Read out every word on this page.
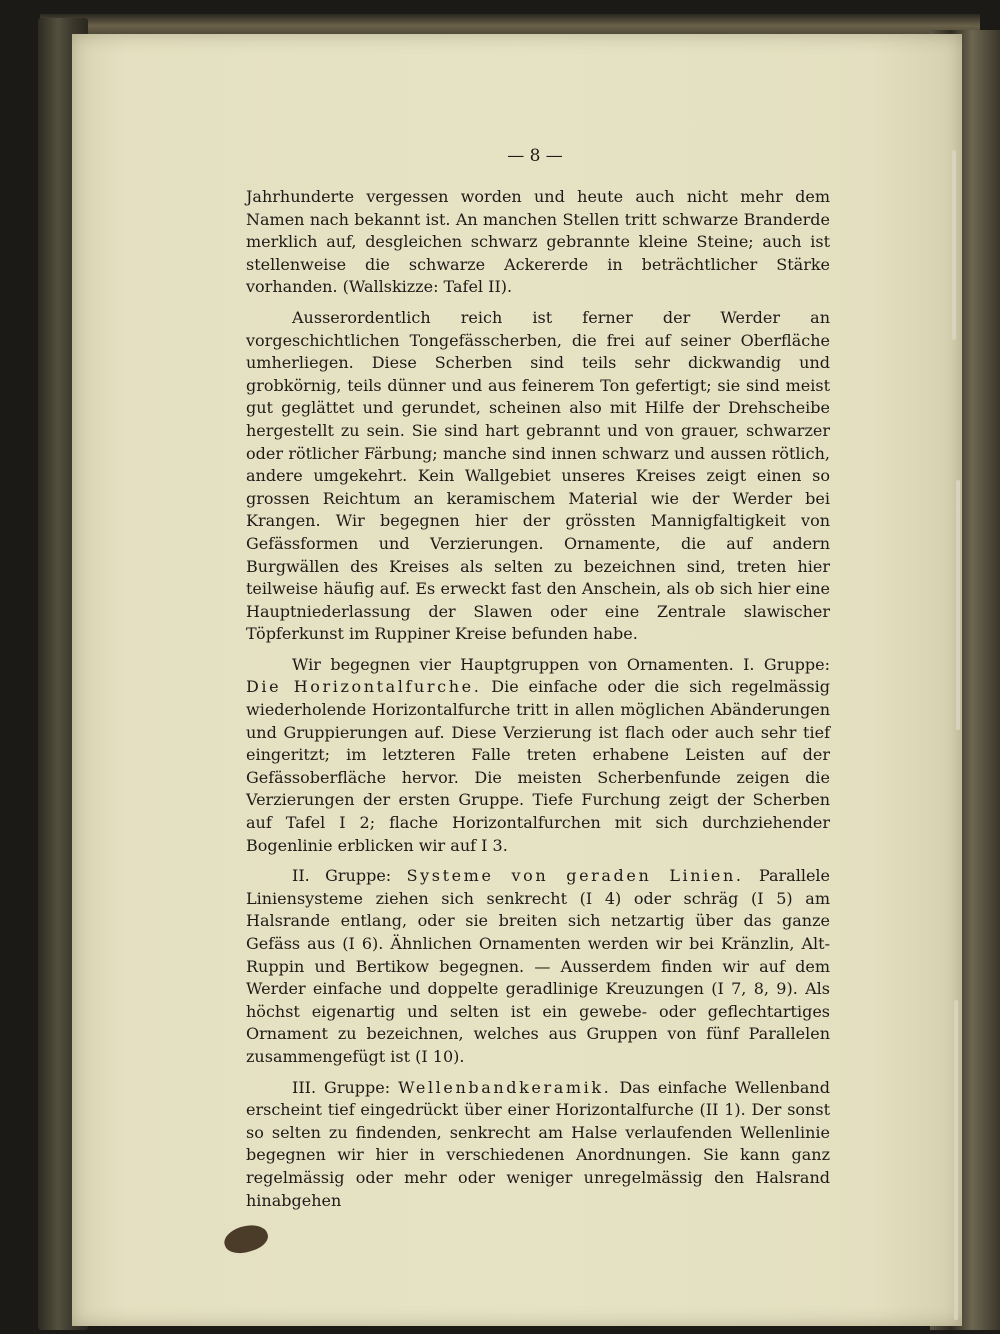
— 8 —

Jahrhunderte vergessen worden und heute auch nicht mehr dem Namen nach bekannt ist. An manchen Stellen tritt schwarze Branderde merklich auf, desgleichen schwarz gebrannte kleine Steine; auch ist stellenweise die schwarze Ackererde in beträchtlicher Stärke vorhanden. (Wallskizze: Tafel II).

Ausserordentlich reich ist ferner der Werder an vorgeschichtlichen Tongefässcherben, die frei auf seiner Oberfläche umherliegen. Diese Scherben sind teils sehr dickwandig und grobkörnig, teils dünner und aus feinerem Ton gefertigt; sie sind meist gut geglättet und gerundet, scheinen also mit Hilfe der Drehscheibe hergestellt zu sein. Sie sind hart gebrannt und von grauer, schwarzer oder rötlicher Färbung; manche sind innen schwarz und aussen rötlich, andere umgekehrt. Kein Wallgebiet unseres Kreises zeigt einen so grossen Reichtum an keramischem Material wie der Werder bei Krangen. Wir begegnen hier der grössten Mannigfaltigkeit von Gefässformen und Verzierungen. Ornamente, die auf andern Burgwällen des Kreises als selten zu bezeichnen sind, treten hier teilweise häufig auf. Es erweckt fast den Anschein, als ob sich hier eine Hauptniederlassung der Slawen oder eine Zentrale slawischer Töpferkunst im Ruppiner Kreise befunden habe.

Wir begegnen vier Hauptgruppen von Ornamenten. I. Gruppe: Die Horizontalfurche. Die einfache oder die sich regelmässig wiederholende Horizontalfurche tritt in allen möglichen Abänderungen und Gruppierungen auf. Diese Verzierung ist flach oder auch sehr tief eingeritzt; im letzteren Falle treten erhabene Leisten auf der Gefässoberfläche hervor. Die meisten Scherbenfunde zeigen die Verzierungen der ersten Gruppe. Tiefe Furchung zeigt der Scherben auf Tafel I 2; flache Horizontalfurchen mit sich durchziehender Bogenlinie erblicken wir auf I 3.

II. Gruppe: Systeme von geraden Linien. Parallele Liniensysteme ziehen sich senkrecht (I 4) oder schräg (I 5) am Halsrande entlang, oder sie breiten sich netzartig über das ganze Gefäss aus (I 6). Ähnlichen Ornamenten werden wir bei Kränzlin, Alt-Ruppin und Bertikow begegnen. — Ausserdem finden wir auf dem Werder einfache und doppelte geradlinige Kreuzungen (I 7, 8, 9). Als höchst eigenartig und selten ist ein gewebe- oder geflechtartiges Ornament zu bezeichnen, welches aus Gruppen von fünf Parallelen zusammengefügt ist (I 10).

III. Gruppe: Wellenbandkeramik. Das einfache Wellenband erscheint tief eingedrückt über einer Horizontalfurche (II 1). Der sonst so selten zu findenden, senkrecht am Halse verlaufenden Wellenlinie begegnen wir hier in verschiedenen Anordnungen. Sie kann ganz regelmässig oder mehr oder weniger unregelmässig den Halsrand hinabgehen
